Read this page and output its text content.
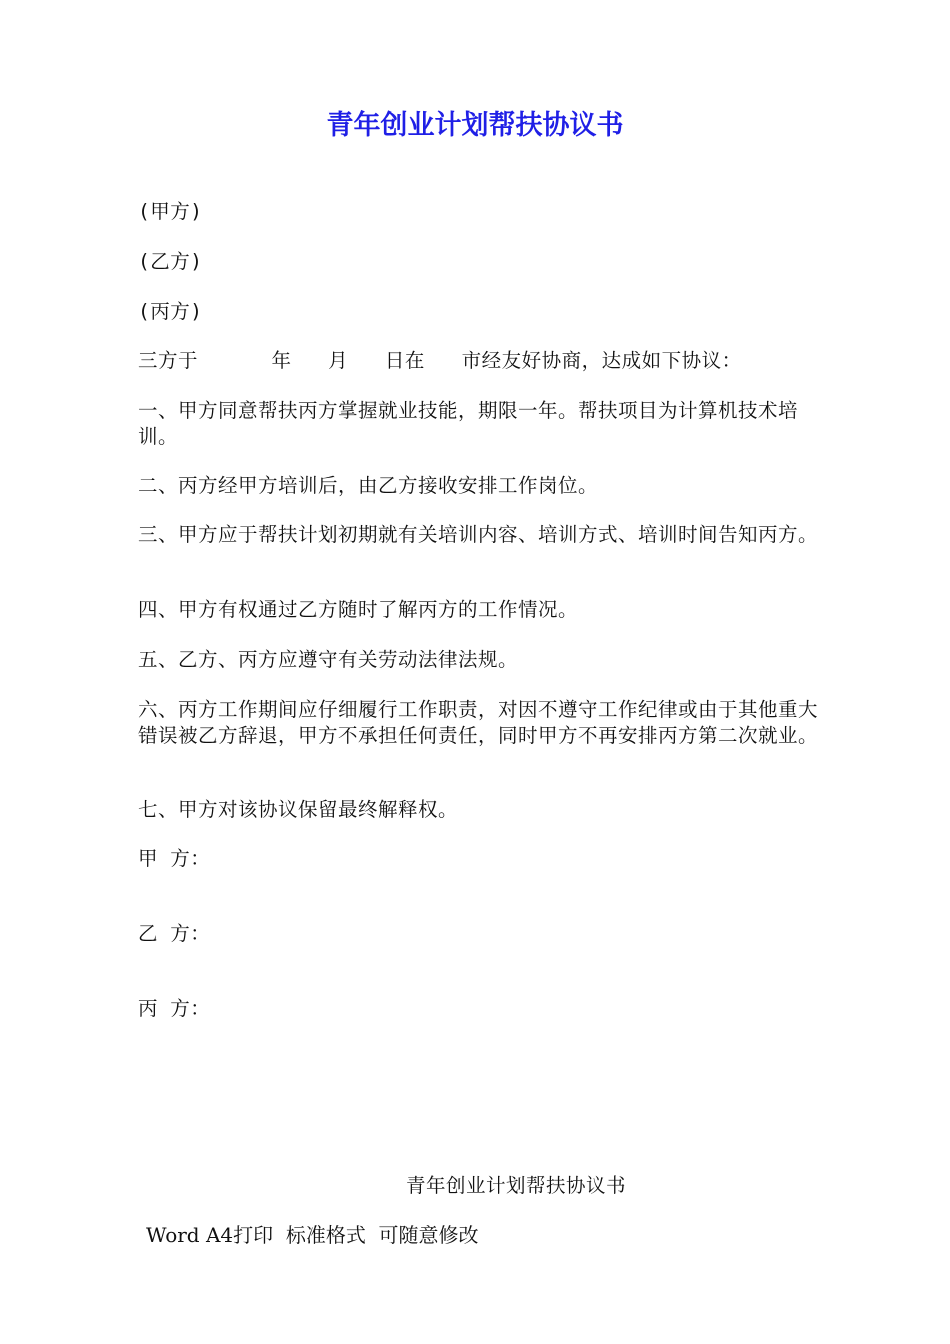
青年创业计划帮扶协议书
(甲方)
(乙方)
(丙方)
三方于      年   月   日在   市经友好协商，达成如下协议：
一、甲方同意帮扶丙方掌握就业技能，期限一年。帮扶项目为计算机技术培训。
二、丙方经甲方培训后，由乙方接收安排工作岗位。
三、甲方应于帮扶计划初期就有关培训内容、培训方式、培训时间告知丙方。
四、甲方有权通过乙方随时了解丙方的工作情况。
五、乙方、丙方应遵守有关劳动法律法规。
六、丙方工作期间应仔细履行工作职责，对因不遵守工作纪律或由于其他重大错误被乙方辞退，甲方不承担任何责任，同时甲方不再安排丙方第二次就业。
七、甲方对该协议保留最终解释权。
甲 方：
乙 方：
丙 方：
青年创业计划帮扶协议书
Word A4打印  标准格式  可随意修改
